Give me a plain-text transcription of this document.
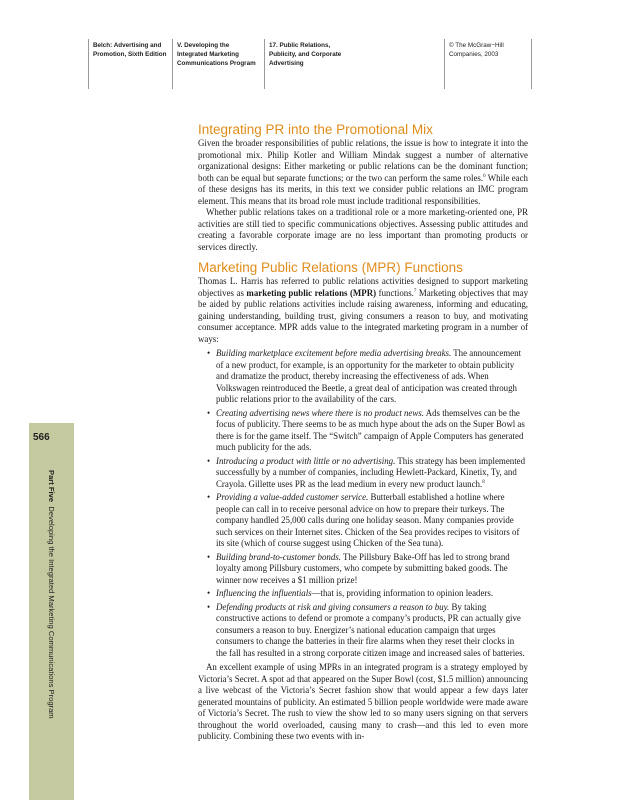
Belch: Advertising and
Promotion, Sixth Edition
V. Developing the
Integrated Marketing
Communications Program
17. Public Relations,
Publicity, and Corporate
Advertising
© The McGraw−Hill
Companies, 2003
566
Part Five  Developing the Integrated Marketing Communications Program
Integrating PR into the Promotional Mix

Given the broader responsibilities of public relations, the issue is how to integrate it into the promotional mix. Philip Kotler and William Mindak suggest a number of alternative organizational designs: Either marketing or public relations can be the dominant function; both can be equal but separate functions; or the two can perform the same roles.$^6$ While each of these designs has its merits, in this text we consider public relations an IMC program element. This means that its broad role must include traditional responsibilities.

Whether public relations takes on a traditional role or a more marketing-oriented one, PR activities are still tied to specific communications objectives. Assessing public attitudes and creating a favorable corporate image are no less important than promoting products or services directly.

Marketing Public Relations (MPR) Functions

Thomas L. Harris has referred to public relations activities designed to support marketing objectives as marketing public relations (MPR) functions.$^7$ Marketing objectives that may be aided by public relations activities include raising awareness, informing and educating, gaining understanding, building trust, giving consumers a reason to buy, and motivating consumer acceptance. MPR adds value to the integrated marketing program in a number of ways:

• Building marketplace excitement before media advertising breaks. The announcement of a new product, for example, is an opportunity for the marketer to obtain publicity and dramatize the product, thereby increasing the effectiveness of ads. When Volkswagen reintroduced the Beetle, a great deal of anticipation was created through public relations prior to the availability of the cars.
• Creating advertising news where there is no product news. Ads themselves can be the focus of publicity. There seems to be as much hype about the ads on the Super Bowl as there is for the game itself. The “Switch” campaign of Apple Computers has generated much publicity for the ads.
• Introducing a product with little or no advertising. This strategy has been implemented successfully by a number of companies, including Hewlett-Packard, Kinetix, Ty, and Crayola. Gillette uses PR as the lead medium in every new product launch.$^8$
• Providing a value-added customer service. Butterball established a hotline where people can call in to receive personal advice on how to prepare their turkeys. The company handled 25,000 calls during one holiday season. Many companies provide such services on their Internet sites. Chicken of the Sea provides recipes to visitors of its site (which of course suggest using Chicken of the Sea tuna).
• Building brand-to-customer bonds. The Pillsbury Bake-Off has led to strong brand loyalty among Pillsbury customers, who compete by submitting baked goods. The winner now receives a $1 million prize!
• Influencing the influentials—that is, providing information to opinion leaders.
• Defending products at risk and giving consumers a reason to buy. By taking constructive actions to defend or promote a company’s products, PR can actually give consumers a reason to buy. Energizer’s national education campaign that urges consumers to change the batteries in their fire alarms when they reset their clocks in the fall has resulted in a strong corporate citizen image and increased sales of batteries.

An excellent example of using MPRs in an integrated program is a strategy employed by Victoria’s Secret. A spot ad that appeared on the Super Bowl (cost, $1.5 million) announcing a live webcast of the Victoria’s Secret fashion show that would appear a few days later generated mountains of publicity. An estimated 5 billion people worldwide were made aware of Victoria’s Secret. The rush to view the show led to so many users signing on that servers throughout the world overloaded, causing many to crash—and this led to even more publicity. Combining these two events with in-
